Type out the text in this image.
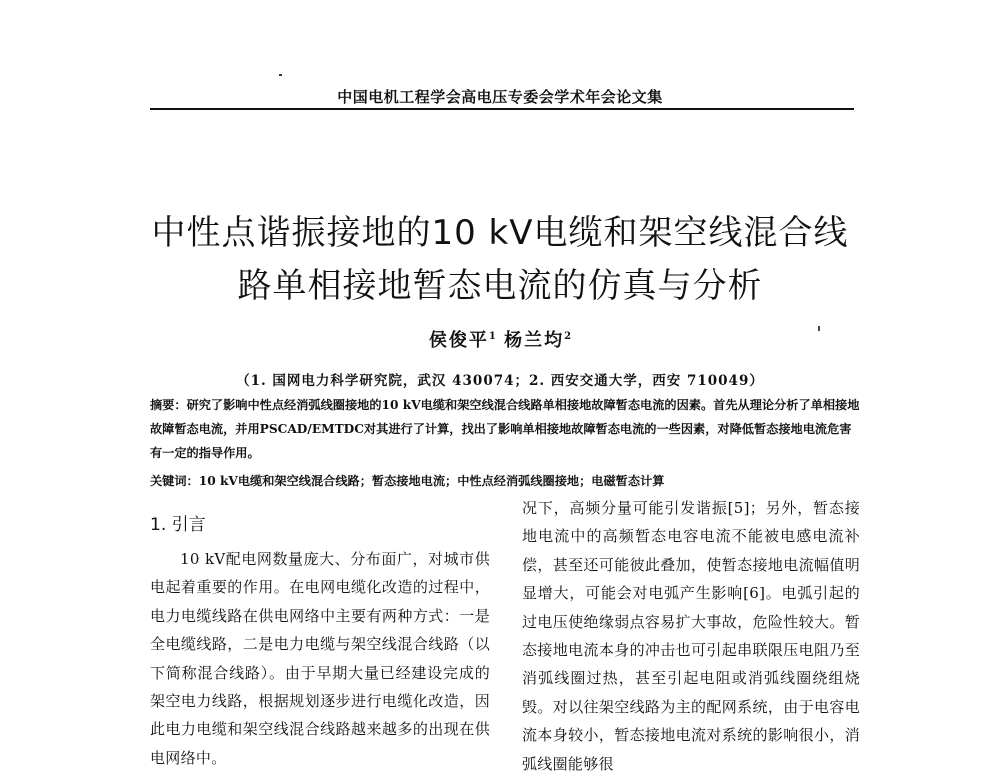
中国电机工程学会高电压专委会学术年会论文集
中性点谐振接地的10 kV电缆和架空线混合线
路单相接地暂态电流的仿真与分析
侯俊平$^1$ 杨兰均$^2$
（1. 国网电力科学研究院，武汉 430074；2. 西安交通大学，西安 710049）
摘要：研究了影响中性点经消弧线圈接地的10 kV电缆和架空线混合线路单相接地故障暂态电流的因素。首先从理论分析了单相接地故障暂态电流，并用PSCAD/EMTDC对其进行了计算，找出了影响单相接地故障暂态电流的一些因素，对降低暂态接地电流危害有一定的指导作用。
关键词：10 kV电缆和架空线混合线路；暂态接地电流；中性点经消弧线圈接地；电磁暂态计算
1. 引言
10 kV配电网数量庞大、分布面广，对城市供电起着重要的作用。在电网电缆化改造的过程中，电力电缆线路在供电网络中主要有两种方式：一是全电缆线路，二是电力电缆与架空线混合线路（以下简称混合线路）。由于早期大量已经建设完成的架空电力线路，根据规划逐步进行电缆化改造，因此电力电缆和架空线混合线路越来越多的出现在供电网络中。
况下，高频分量可能引发谐振[5]；另外，暂态接地电流中的高频暂态电容电流不能被电感电流补偿，甚至还可能彼此叠加，使暂态接地电流幅值明显增大，可能会对电弧产生影响[6]。电弧引起的过电压使绝缘弱点容易扩大事故，危险性较大。暂态接地电流本身的冲击也可引起串联限压电阻乃至消弧线圈过热，甚至引起电阻或消弧线圈绕组烧毁。对以往架空线路为主的配网系统，由于电容电流本身较小，暂态接地电流对系统的影响很小，消弧线圈能够很
